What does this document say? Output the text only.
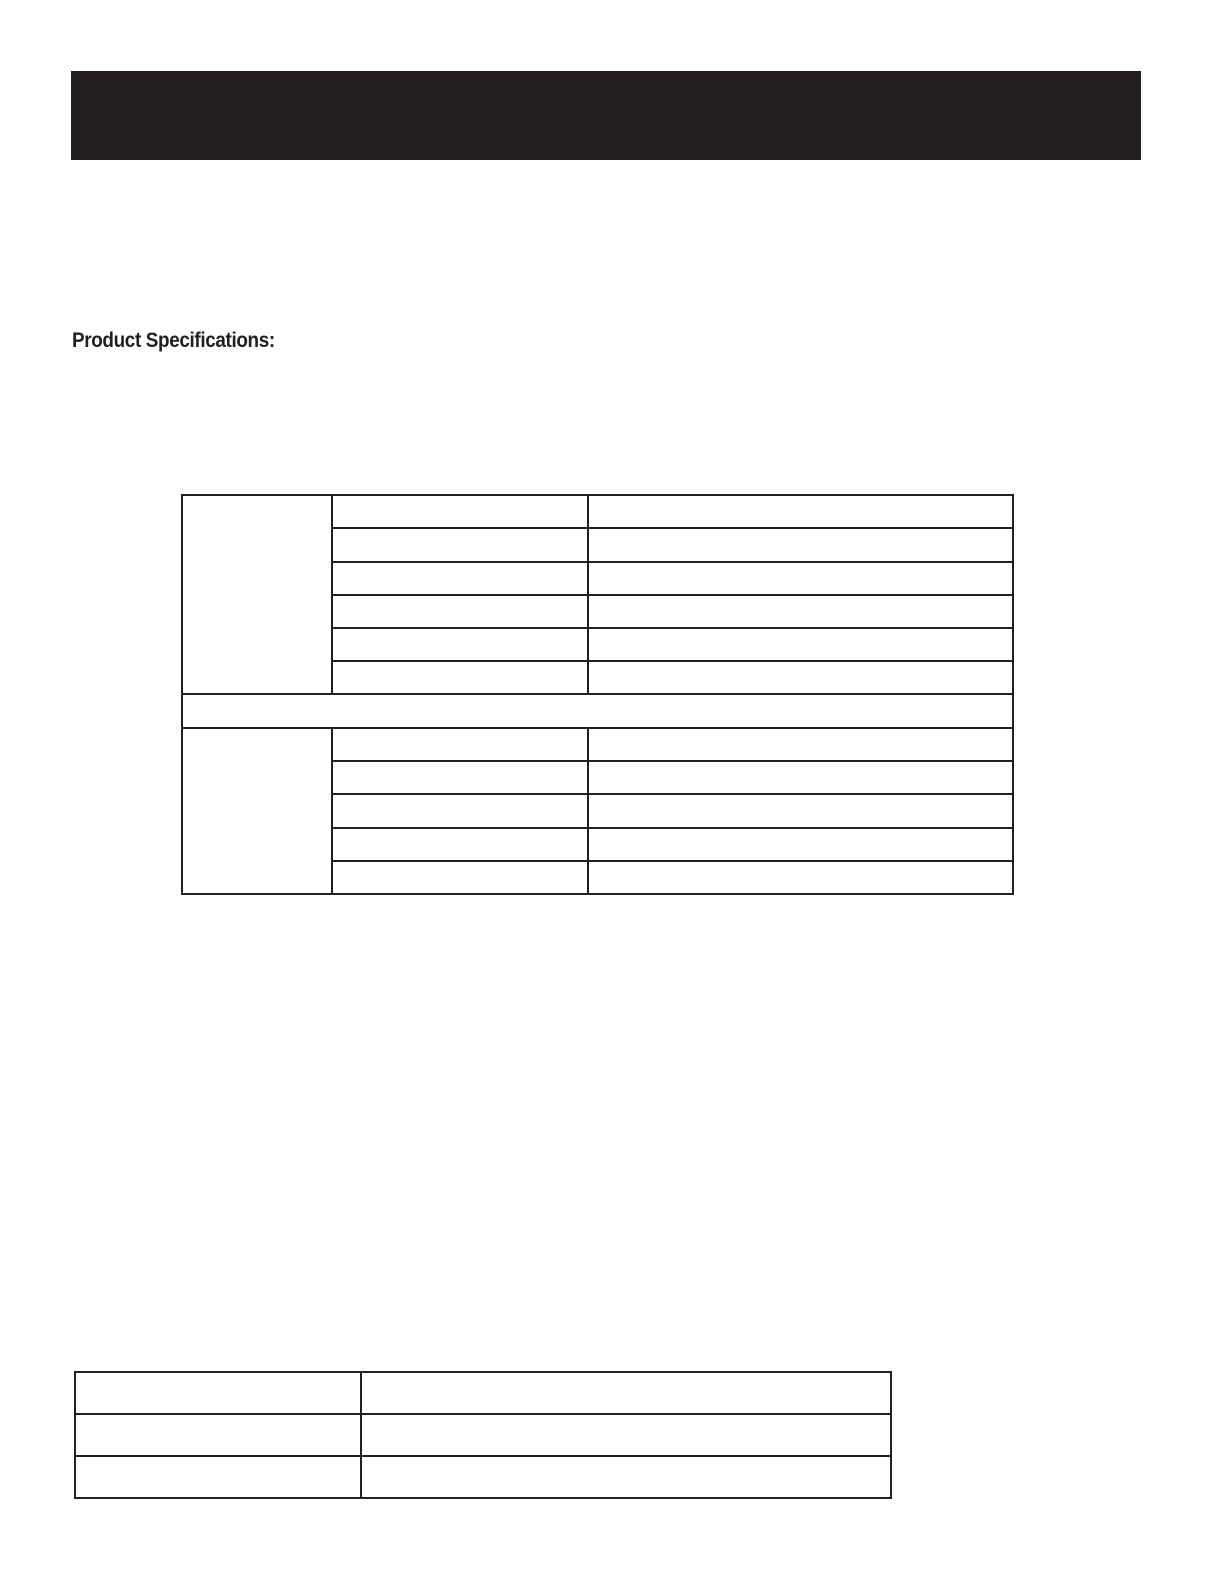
Product Specifications:
